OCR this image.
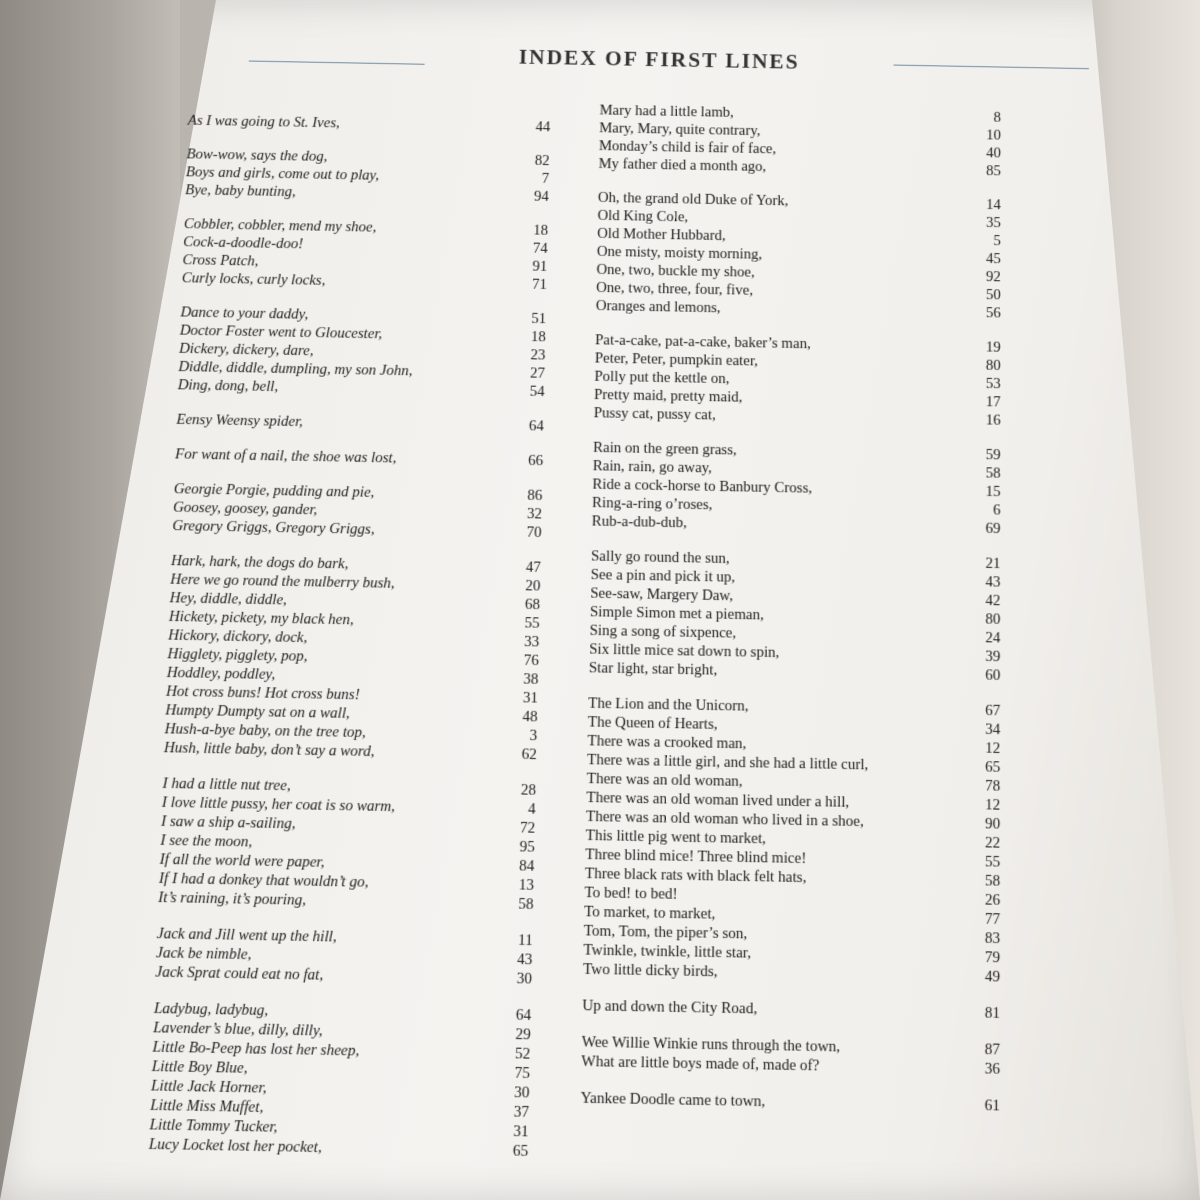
INDEX OF FIRST LINES
As I was going to St. Ives,	44
Bow-wow, says the dog,	82
Boys and girls, come out to play,	7
Bye, baby bunting,	94
Cobbler, cobbler, mend my shoe,	18
Cock-a-doodle-doo!	74
Cross Patch,	91
Curly locks, curly locks,	71
Dance to your daddy,	51
Doctor Foster went to Gloucester,	18
Dickery, dickery, dare,	23
Diddle, diddle, dumpling, my son John,	27
Ding, dong, bell,	54
Eensy Weensy spider,	64
For want of a nail, the shoe was lost,	66
Georgie Porgie, pudding and pie,	86
Goosey, goosey, gander,	32
Gregory Griggs, Gregory Griggs,	70
Hark, hark, the dogs do bark,	47
Here we go round the mulberry bush,	20
Hey, diddle, diddle,	68
Hickety, pickety, my black hen,	55
Hickory, dickory, dock,	33
Higglety, pigglety, pop,	76
Hoddley, poddley,	38
Hot cross buns! Hot cross buns!	31
Humpty Dumpty sat on a wall,	48
Hush-a-bye baby, on the tree top,	3
Hush, little baby, don’t say a word,	62
I had a little nut tree,	28
I love little pussy, her coat is so warm,	4
I saw a ship a-sailing,	72
I see the moon,	95
If all the world were paper,	84
If I had a donkey that wouldn’t go,	13
It’s raining, it’s pouring,	58
Jack and Jill went up the hill,	11
Jack be nimble,	43
Jack Sprat could eat no fat,	30
Ladybug, ladybug,	64
Lavender’s blue, dilly, dilly,	29
Little Bo-Peep has lost her sheep,	52
Little Boy Blue,	75
Little Jack Horner,	30
Little Miss Muffet,	37
Little Tommy Tucker,	31
Lucy Locket lost her pocket,	65
Mary had a little lamb,	8
Mary, Mary, quite contrary,	10
Monday’s child is fair of face,	40
My father died a month ago,	85
Oh, the grand old Duke of York,	14
Old King Cole,	35
Old Mother Hubbard,	5
One misty, moisty morning,	45
One, two, buckle my shoe,	92
One, two, three, four, five,	50
Oranges and lemons,	56
Pat-a-cake, pat-a-cake, baker’s man,	19
Peter, Peter, pumpkin eater,	80
Polly put the kettle on,	53
Pretty maid, pretty maid,	17
Pussy cat, pussy cat,	16
Rain on the green grass,	59
Rain, rain, go away,	58
Ride a cock-horse to Banbury Cross,	15
Ring-a-ring o’roses,	6
Rub-a-dub-dub,	69
Sally go round the sun,	21
See a pin and pick it up,	43
See-saw, Margery Daw,	42
Simple Simon met a pieman,	80
Sing a song of sixpence,	24
Six little mice sat down to spin,	39
Star light, star bright,	60
The Lion and the Unicorn,	67
The Queen of Hearts,	34
There was a crooked man,	12
There was a little girl, and she had a little curl,	65
There was an old woman,	78
There was an old woman lived under a hill,	12
There was an old woman who lived in a shoe,	90
This little pig went to market,	22
Three blind mice! Three blind mice!	55
Three black rats with black felt hats,	58
To bed! to bed!	26
To market, to market,	77
Tom, Tom, the piper’s son,	83
Twinkle, twinkle, little star,	79
Two little dicky birds,	49
Up and down the City Road,	81
Wee Willie Winkie runs through the town,	87
What are little boys made of, made of?	36
Yankee Doodle came to town,	61
